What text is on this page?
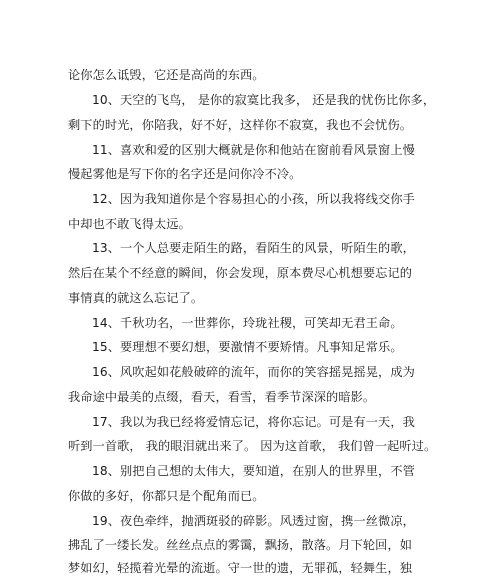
论你怎么诋毁，它还是高尚的东西。
10、天空的飞鸟， 是你的寂寞比我多， 还是我的忧伤比你多，
剩下的时光，你陪我，好不好，这样你不寂寞，我也不会忧伤。
11、喜欢和爱的区别大概就是你和他站在窗前看风景窗上慢
慢起雾他是写下你的名字还是问你冷不冷。
12、因为我知道你是个容易担心的小孩，所以我将线交你手
中却也不敢飞得太远。
13、一个人总要走陌生的路，看陌生的风景，听陌生的歌，
然后在某个不经意的瞬间，你会发现，原本费尽心机想要忘记的
事情真的就这么忘记了。
14、千秋功名，一世葬你，玲珑社稷，可笑却无君王命。
15、要理想不要幻想，要激情不要矫情。凡事知足常乐。
16、风吹起如花般破碎的流年，而你的笑容摇晃摇晃，成为
我命途中最美的点缀，看天，看雪，看季节深深的暗影。
17、我以为我已经将爱情忘记，将你忘记。可是有一天，我
听到一首歌， 我的眼泪就出来了。 因为这首歌， 我们曾一起听过。
18、别把自己想的太伟大，要知道，在别人的世界里，不管
你做的多好，你都只是个配角而已。
19、夜色牵绊，抛洒斑驳的碎影。风透过窗，携一丝微凉，
拂乱了一缕长发。丝丝点点的雾霭，飘扬，散落。月下轮回，如
梦如幻，轻揽着光晕的流逝。守一世的遗，无罪孤，轻舞生，独
